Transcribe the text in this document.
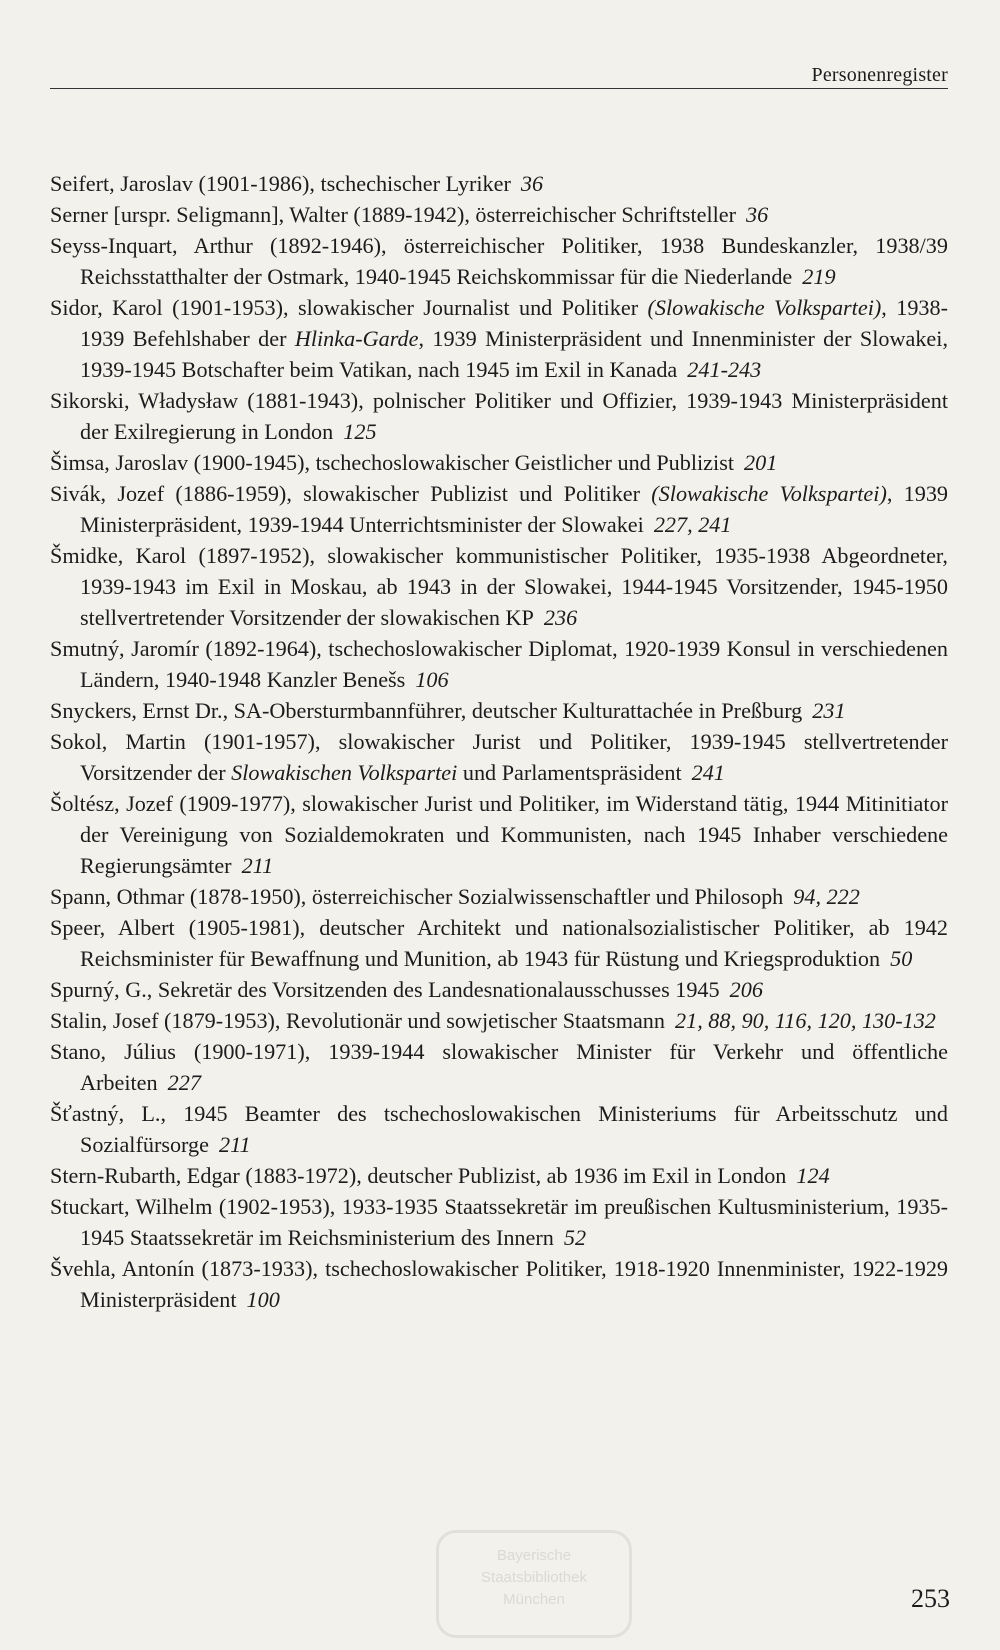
Personenregister

Seifert, Jaroslav (1901-1986), tschechischer Lyriker 36

Serner [urspr. Seligmann], Walter (1889-1942), österreichischer Schriftsteller 36

Seyss-Inquart, Arthur (1892-1946), österreichischer Politiker, 1938 Bundeskanzler, 1938/39 Reichsstatthalter der Ostmark, 1940-1945 Reichskommissar für die Niederlande 219

Sidor, Karol (1901-1953), slowakischer Journalist und Politiker (Slowakische Volkspartei), 1938-1939 Befehlshaber der Hlinka-Garde, 1939 Ministerpräsident und Innenminister der Slowakei, 1939-1945 Botschafter beim Vatikan, nach 1945 im Exil in Kanada 241-243

Sikorski, Władysław (1881-1943), polnischer Politiker und Offizier, 1939-1943 Ministerpräsident der Exilregierung in London 125

Šimsa, Jaroslav (1900-1945), tschechoslowakischer Geistlicher und Publizist 201

Sivák, Jozef (1886-1959), slowakischer Publizist und Politiker (Slowakische Volkspartei), 1939 Ministerpräsident, 1939-1944 Unterrichtsminister der Slowakei 227, 241

Šmidke, Karol (1897-1952), slowakischer kommunistischer Politiker, 1935-1938 Abgeordneter, 1939-1943 im Exil in Moskau, ab 1943 in der Slowakei, 1944-1945 Vorsitzender, 1945-1950 stellvertretender Vorsitzender der slowakischen KP 236

Smutný, Jaromír (1892-1964), tschechoslowakischer Diplomat, 1920-1939 Konsul in verschiedenen Ländern, 1940-1948 Kanzler Benešs 106

Snyckers, Ernst Dr., SA-Obersturmbannführer, deutscher Kulturattachée in Preßburg 231

Sokol, Martin (1901-1957), slowakischer Jurist und Politiker, 1939-1945 stellvertretender Vorsitzender der Slowakischen Volkspartei und Parlamentspräsident 241

Šoltész, Jozef (1909-1977), slowakischer Jurist und Politiker, im Widerstand tätig, 1944 Mitinitiator der Vereinigung von Sozialdemokraten und Kommunisten, nach 1945 Inhaber verschiedene Regierungsämter 211

Spann, Othmar (1878-1950), österreichischer Sozialwissenschaftler und Philosoph 94, 222

Speer, Albert (1905-1981), deutscher Architekt und nationalsozialistischer Politiker, ab 1942 Reichsminister für Bewaffnung und Munition, ab 1943 für Rüstung und Kriegsproduktion 50

Spurný, G., Sekretär des Vorsitzenden des Landesnationalausschusses 1945 206

Stalin, Josef (1879-1953), Revolutionär und sowjetischer Staatsmann 21, 88, 90, 116, 120, 130-132

Stano, Július (1900-1971), 1939-1944 slowakischer Minister für Verkehr und öffentliche Arbeiten 227

Šťastný, L., 1945 Beamter des tschechoslowakischen Ministeriums für Arbeitsschutz und Sozialfürsorge 211

Stern-Rubarth, Edgar (1883-1972), deutscher Publizist, ab 1936 im Exil in London 124

Stuckart, Wilhelm (1902-1953), 1933-1935 Staatssekretär im preußischen Kultusministerium, 1935-1945 Staatssekretär im Reichsministerium des Innern 52

Švehla, Antonín (1873-1933), tschechoslowakischer Politiker, 1918-1920 Innenminister, 1922-1929 Ministerpräsident 100

Bayerische
Staatsbibliothek
München	253
